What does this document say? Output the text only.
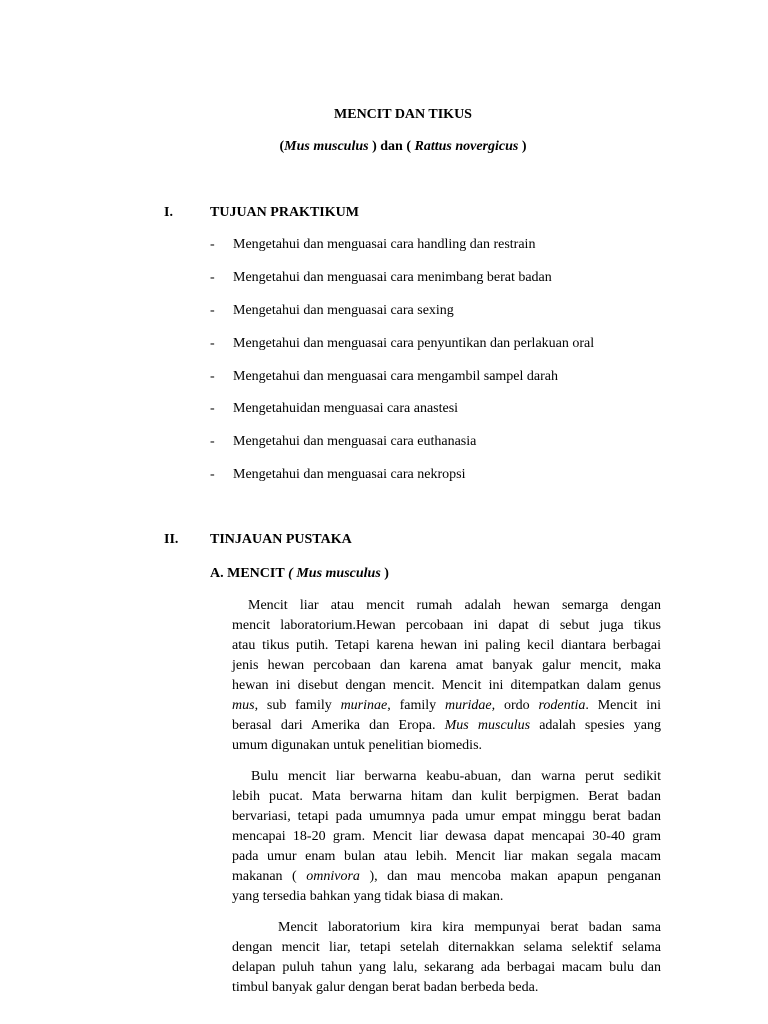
MENCIT DAN TIKUS
(Mus musculus ) dan ( Rattus novergicus )
I.	TUJUAN PRAKTIKUM
- Mengetahui dan menguasai cara handling dan restrain
- Mengetahui dan menguasai cara menimbang berat badan
- Mengetahui dan menguasai cara sexing
- Mengetahui dan menguasai cara penyuntikan dan perlakuan oral
- Mengetahui dan menguasai cara mengambil sampel darah
- Mengetahuidan menguasai cara anastesi
- Mengetahui dan menguasai cara euthanasia
- Mengetahui dan menguasai cara nekropsi
II. TINJAUAN PUSTAKA
A. MENCIT ( Mus musculus )
Mencit liar atau mencit rumah adalah hewan semarga dengan
mencit laboratorium.Hewan percobaan ini dapat di sebut juga tikus
atau tikus putih. Tetapi karena hewan ini paling kecil diantara berbagai
jenis hewan percobaan dan karena amat banyak galur mencit, maka
hewan ini disebut dengan mencit. Mencit ini ditempatkan dalam genus
mus, sub family murinae, family muridae, ordo rodentia. Mencit ini
berasal dari Amerika dan Eropa. Mus musculus adalah spesies yang
umum digunakan untuk penelitian biomedis.
Bulu mencit liar berwarna keabu-abuan, dan warna perut sedikit
lebih pucat. Mata berwarna hitam dan kulit berpigmen. Berat badan
bervariasi, tetapi pada umumnya pada umur empat minggu berat badan
mencapai 18-20 gram. Mencit liar dewasa dapat mencapai 30-40 gram
pada umur enam bulan atau lebih. Mencit liar makan segala macam
makanan ( omnivora ), dan mau mencoba makan apapun penganan
yang tersedia bahkan yang tidak biasa di makan.
Mencit laboratorium kira kira mempunyai berat badan sama
dengan mencit liar, tetapi setelah diternakkan selama selektif selama
delapan puluh tahun yang lalu, sekarang ada berbagai macam bulu dan
timbul banyak galur dengan berat badan berbeda beda.
